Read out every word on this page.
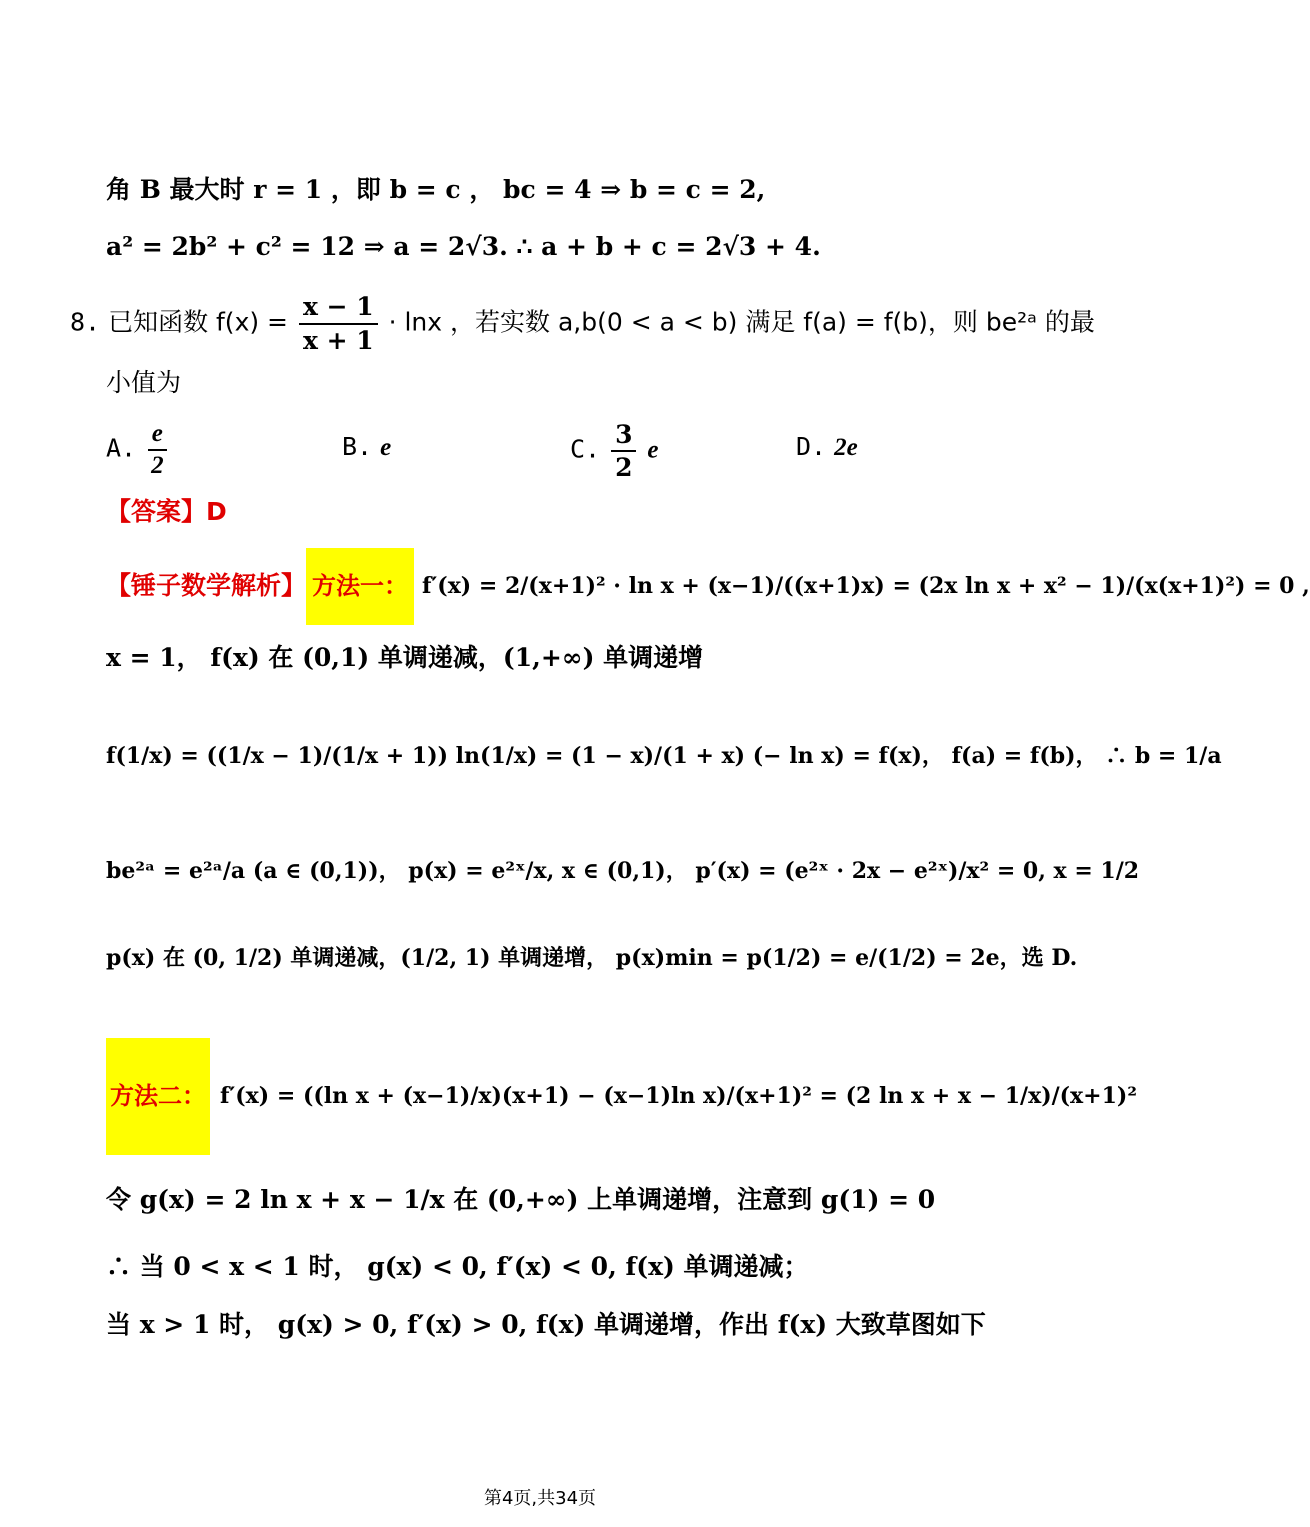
角 B 最大时 r = 1 ，即 b = c ， bc = 4 ⇒ b = c = 2,
a² = 2b² + c² = 12 ⇒ a = 2√3. ∴ a + b + c = 2√3 + 4.
8. 已知函数 $f(x) = \frac{x - 1}{x + 1} \cdot \ln x$ ，若实数 a,b(0 < a < b) 满足 f(a) = f(b)，则 be²ᵃ 的最
小值为
A. $\frac{e}{2}$	B. e	C. $\frac{3}{2}$ e	D. 2e
【答案】D
【锤子数学解析】 方法一： f′(x) = 2/(x+1)² · ln x + (x−1)/((x+1)x) = (2x ln x + x² − 1)/(x(x+1)²) = 0 ,
x = 1， f(x) 在 (0,1) 单调递减，(1,+∞) 单调递增
f(1/x) = ((1/x − 1)/(1/x + 1)) ln(1/x) = (1 − x)/(1 + x) (− ln x) = f(x)， f(a) = f(b)， ∴ b = 1/a
be²ᵃ = e²ᵃ/a (a ∈ (0,1))， p(x) = e²ˣ/x, x ∈ (0,1)， p′(x) = (e²ˣ · 2x − e²ˣ)/x² = 0, x = 1/2
p(x) 在 (0, 1/2) 单调递减，(1/2, 1) 单调递增， p(x)min = p(1/2) = e/(1/2) = 2e，选 D.
方法二： f′(x) = ((ln x + (x−1)/x)(x+1) − (x−1)ln x)/(x+1)² = (2 ln x + x − 1/x)/(x+1)²
令 g(x) = 2 ln x + x − 1/x 在 (0,+∞) 上单调递增，注意到 g(1) = 0
∴ 当 0 < x < 1 时， g(x) < 0, f′(x) < 0, f(x) 单调递减；
当 x > 1 时， g(x) > 0, f′(x) > 0, f(x) 单调递增，作出 f(x) 大致草图如下
第4页,共34页
